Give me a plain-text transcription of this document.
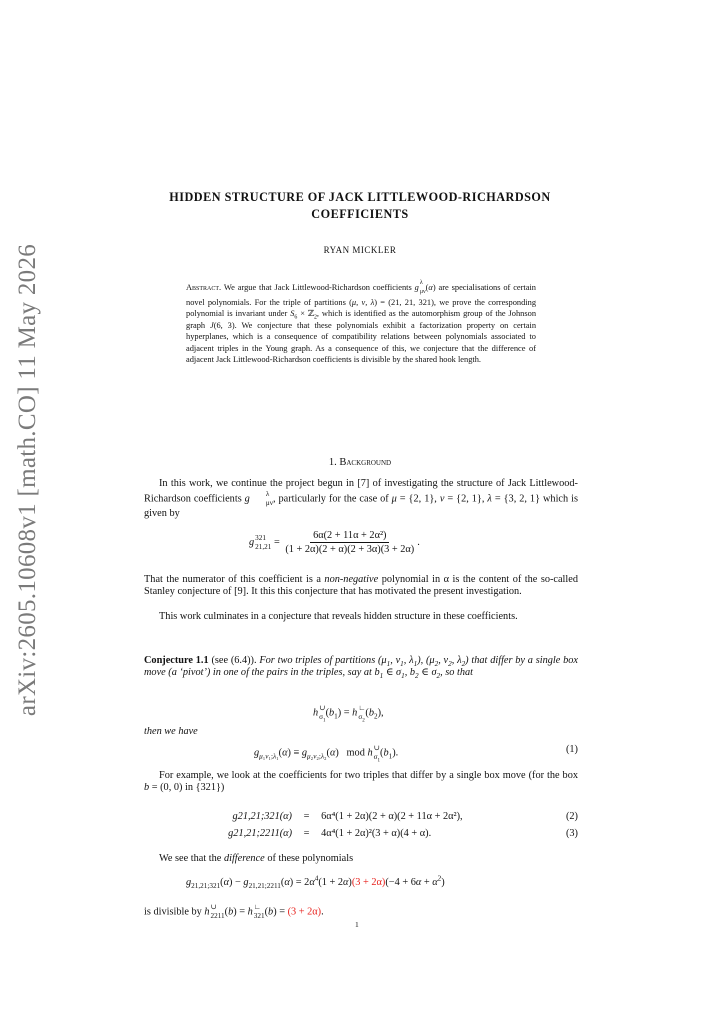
arXiv:2605.10608v1 [math.CO] 11 May 2026
HIDDEN STRUCTURE OF JACK LITTLEWOOD-RICHARDSON
COEFFICIENTS
RYAN MICKLER
Abstract. We argue that Jack Littlewood-Richardson coefficients g λ
μν
(α) are specialisations of certain novel polynomials. For the triple of partitions (μ, ν, λ) = (21, 21, 321), we prove the corresponding polynomial is invariant under $S_6$ × ℤ$_2$, which is identified as the automorphism group of the Johnson graph J(6, 3). We conjecture that these polynomials exhibit a factorization property on certain hyperplanes, which is a consequence of compatibility relations between polynomials associated to adjacent triples in the Young graph. As a consequence of this, we conjecture that the difference of adjacent Jack Littlewood-Richardson coefficients is divisible by the shared hook length.
1. Background
In this work, we continue the project begun in [7] of investigating the structure of Jack Littlewood-Richardson coefficients g	λ
μν , particularly for the case of μ = {2, 1}, ν = {2, 1}, λ = {3, 2, 1} which is given by
g 321
$21,21 = \frac{\text{6α(2 + 11α + 2α²)}}{(1 + 2\alpha)(2 + \alpha)(2 + 3\alpha)(3 + 2\alpha)}$ .
That the numerator of this coefficient is a non-negative polynomial in α is the content of the so-called Stanley conjecture of [9]. It this this conjecture that has motivated the present investigation.
This work culminates in a conjecture that reveals hidden structure in these coefficients.
Conjecture 1.1 (see (6.4)). For two triples of partitions ($\mu_1$, $\nu_1$, $\lambda_1$), ($\mu_2$, $\nu_2$, $\lambda_2$) that differ by a single box move (a ‘pivot’) in one of the pairs in the triples, say at $b_1$ ∈ $\sigma_1$, $b_2$ ∈ $\sigma_2$, so that
h ∪
$\sigma_1$
$(b_1) = h$ ∟
$\sigma_2$
$(b_2)$,
then we have
$g_{\mu_1\nu_1;\lambda_1}(\alpha) \equiv g_{\mu_2\nu_2;\lambda_2}(\alpha)$   mod h ∪
$\sigma_1$
$(b_1)$.	(1)
For example, we look at the coefficients for two triples that differ by a single box move (for the box b = (0, 0) in {321})
g21,21;321(α) = 6α⁴(1 + 2α)(2 + α)(2 + 11α + 2α²),	(2)
g21,21;2211(α) = 4α⁴(1 + 2α)²(3 + α)(4 + α).	(3)
We see that the difference of these polynomials
$g_{21,21;321}(\alpha) - g_{21,21;2211}(\alpha) = 2\alpha^4(1 + 2\alpha)(3 + 2\alpha)(-4 + 6\alpha + \alpha^2)$
is divisible by h ∪
2211 (b) = h ∟
321 (b) = (3 + 2α).
1
